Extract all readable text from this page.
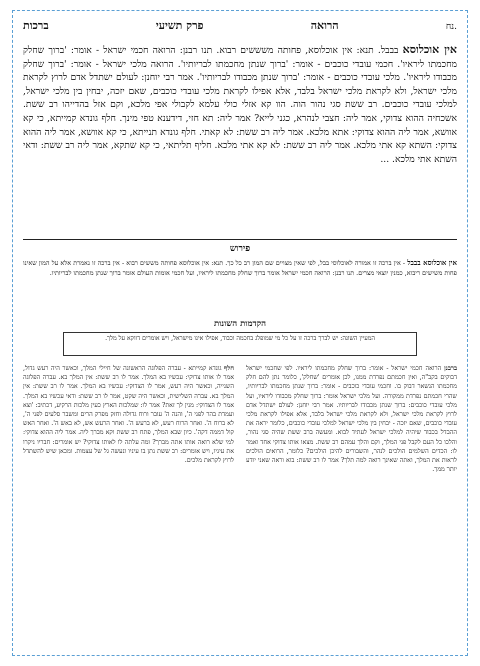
נח.
הרואה
פרק תשיעי
ברכות
אין אוכלוסא בבבל. תנא: אין אוכלוסא, פחותה משששים רבוא. תנו רבנן: הרואה חכמי ישראל - אומר: 'ברוך שחלק מחכמתו ליראיו'. חכמי עובדי כוכבים - אומר: 'ברוך שנתן מחכמתו לבריותיו'. הרואה מלכי ישראל - אומר: 'ברוך שחלק מכבודו ליראיו'. מלכי עובדי כוכבים - אומר: 'ברוך שנתן מכבודו לבריותיו'. אמר רבי יוחנן: לעולם ישתדל אדם לרוץ לקראת מלכי ישראל, ולא לקראת מלכי ישראל בלבד, אלא אפילו לקראת מלכי עובדי כוכבים, שאם יזכה, יבחין בין מלכי ישראל, למלכי עובדי כוכבים. רב ששת סגי נהור הוה. הוו קא אזלי כולי עלמא לקבולי אפי מלכא, וקם אזל בהדייהו רב ששת. אשכחיה ההוא צדוקי, אמר ליה: חצבי לנהרא, כגני לייא? אמר ליה: תא חזי, דידענא טפי מינך. חלף גונדא קמייתא, כי קא אוושא, אמר ליה ההוא צדוקי: אתא מלכא. אמר ליה רב ששת: לא קאתי. חלף גונדא תנייתא, כי קא אוושא, אמר ליה ההוא צדוקי: השתא קא אתי מלכא. אמר ליה רב ששת: לא קא אתי מלכא. חליף תליתאי, כי קא שתקא, אמר ליה רב ששת: ודאי השתא אתי מלכא. ...
פירוש
אין אוכלוסא בבבל - אין ברכה זו אמורה לאוכלוסי בבל, לפי שאין מצויים שם המון רב כל כך. תנא: אין אוכלוסא פחותה מששים רבוא - אין ברכה זו נאמרת אלא על המון שאינו פחות משישים ריבוא, כמנין יוצאי מצרים. תנו רבנן: הרואה חכמי ישראל אומר ברוך שחלק מחכמתו ליראיו, ועל חכמי אומות העולם אומר ברוך שנתן מחכמתו לבריותיו.
הקדמות השונות
המעיין השונה: יש לברך ברכה זו על כל מי שמופלג בחכמה וכבוד, אפילו אינו מישראל, ויש אומרים דווקא על מלך.
ברבנן הרואה חכמי ישראל - אומר: ברוך שחלק מחכמתו ליראיו. לפי שחכמי ישראל דבוקים בקב"ה, ואין חכמתם נפרדת ממנו, לכן אומרים 'שחלק', כלומר נתן להם חלק מחכמתו הנשאר דבוק בו. וחכמי עובדי כוכבים - אומר: ברוך שנתן מחכמתו לבריותיו, שהרי חכמתם נפרדת ממקורה. ועל מלכי ישראל אומר: ברוך שחלק מכבודו ליראיו, ועל מלכי עובדי כוכבים: ברוך שנתן מכבודו לבריותיו. אמר רבי יוחנן: לעולם ישתדל אדם לרוץ לקראת מלכי ישראל, ולא לקראת מלכי ישראל בלבד, אלא אפילו לקראת מלכי עובדי כוכבים, שאם יזכה - יבחין בין מלכי ישראל למלכי עובדי כוכבים, כלומר יראה את ההבדל בכבוד שיהיה למלכי ישראל לעתיד לבוא. ומעשה ברב ששת שהיה סגי נהור, והלכו כל העם לקבל פני המלך, וקם והלך עמהם רב ששת. מצאו אותו צדוקי אחד ואמר לו: הכדים השלמים הולכים לנהר, והשבורים להיכן הולכים? כלומר, הרואים הולכים לראות את המלך, ואתה שאינך רואה למה תלך? אמר לו רב ששת: בוא וראה שאני יודע יותר ממך.
חלף גונדא קמייתא - עברה הפלוגה הראשונה של חיילי המלך, וכאשר היה רעש גדול, אמר לו אותו צדוקי: עכשיו בא המלך. אמר לו רב ששת: אין המלך בא. עברה הפלוגה השנייה, וכאשר היה רעש, אמר לו הצדוקי: עכשיו בא המלך. אמר לו רב ששת: אין המלך בא. עברה השלישית, וכאשר היה שקט, אמר לו רב ששת: ודאי עכשיו בא המלך. אמר לו הצדוקי: מנין לך זאת? אמר לו: שמלכות הארץ כעין מלכות הרקיע, דכתיב: 'וצא ועמדת בהר לפני ה', והנה ה' עובר ורוח גדולה וחזק מפרק הרים ומשבר סלעים לפני ה', לא ברוח ה'. ואחר הרוח רעש, לא ברעש ה'. ואחר הרעש אש, לא באש ה'. ואחר האש קול דממה דקה'. כיון שבא המלך, פתח רב ששת וקא מברך ליה. אמר ליה ההוא צדוקי: למי שלא רואה אותו אתה מברך? ומה עלתה לו לאותו צדוקי? יש אומרים: חבריו ניקרו את עיניו, ויש אומרים: רב ששת נתן בו עיניו ונעשה גל של עצמות. ומכאן שיש להשתדל לרוץ לקראת מלכים.
